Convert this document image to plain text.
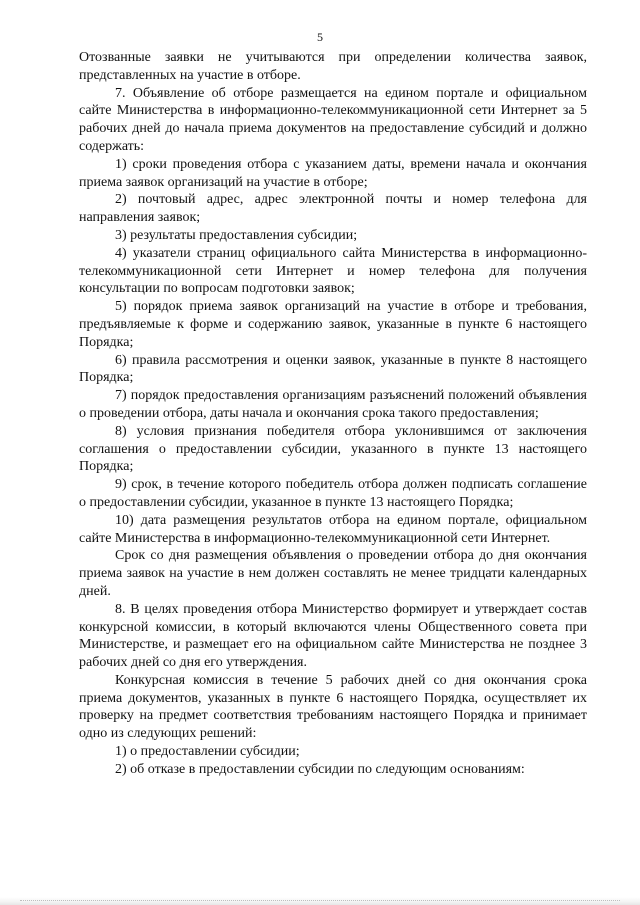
5

Отозванные заявки не учитываются при определении количества заявок, представленных на участие в отборе.

7. Объявление об отборе размещается на едином портале и официальном сайте Министерства в информационно-телекоммуникационной сети Интернет за 5 рабочих дней до начала приема документов на предоставление субсидий и должно содержать:

1) сроки проведения отбора с указанием даты, времени начала и окончания приема заявок организаций на участие в отборе;

2) почтовый адрес, адрес электронной почты и номер телефона для направления заявок;

3) результаты предоставления субсидии;

4) указатели страниц официального сайта Министерства в информационно-телекоммуникационной сети Интернет и номер телефона для получения консультации по вопросам подготовки заявок;

5) порядок приема заявок организаций на участие в отборе и требования, предъявляемые к форме и содержанию заявок, указанные в пункте 6 настоящего Порядка;

6) правила рассмотрения и оценки заявок, указанные в пункте 8 настоящего Порядка;

7) порядок предоставления организациям разъяснений положений объявления о проведении отбора, даты начала и окончания срока такого предоставления;

8) условия признания победителя отбора уклонившимся от заключения соглашения о предоставлении субсидии, указанного в пункте 13 настоящего Порядка;

9) срок, в течение которого победитель отбора должен подписать соглашение о предоставлении субсидии, указанное в пункте 13 настоящего Порядка;

10) дата размещения результатов отбора на едином портале, официальном сайте Министерства в информационно-телекоммуникационной сети Интернет.

Срок со дня размещения объявления о проведении отбора до дня окончания приема заявок на участие в нем должен составлять не менее тридцати календарных дней.

8. В целях проведения отбора Министерство формирует и утверждает состав конкурсной комиссии, в который включаются члены Общественного совета при Министерстве, и размещает его на официальном сайте Министерства не позднее 3 рабочих дней со дня его утверждения.

Конкурсная комиссия в течение 5 рабочих дней со дня окончания срока приема документов, указанных в пункте 6 настоящего Порядка, осуществляет их проверку на предмет соответствия требованиям настоящего Порядка и принимает одно из следующих решений:

1) о предоставлении субсидии;

2) об отказе в предоставлении субсидии по следующим основаниям:
